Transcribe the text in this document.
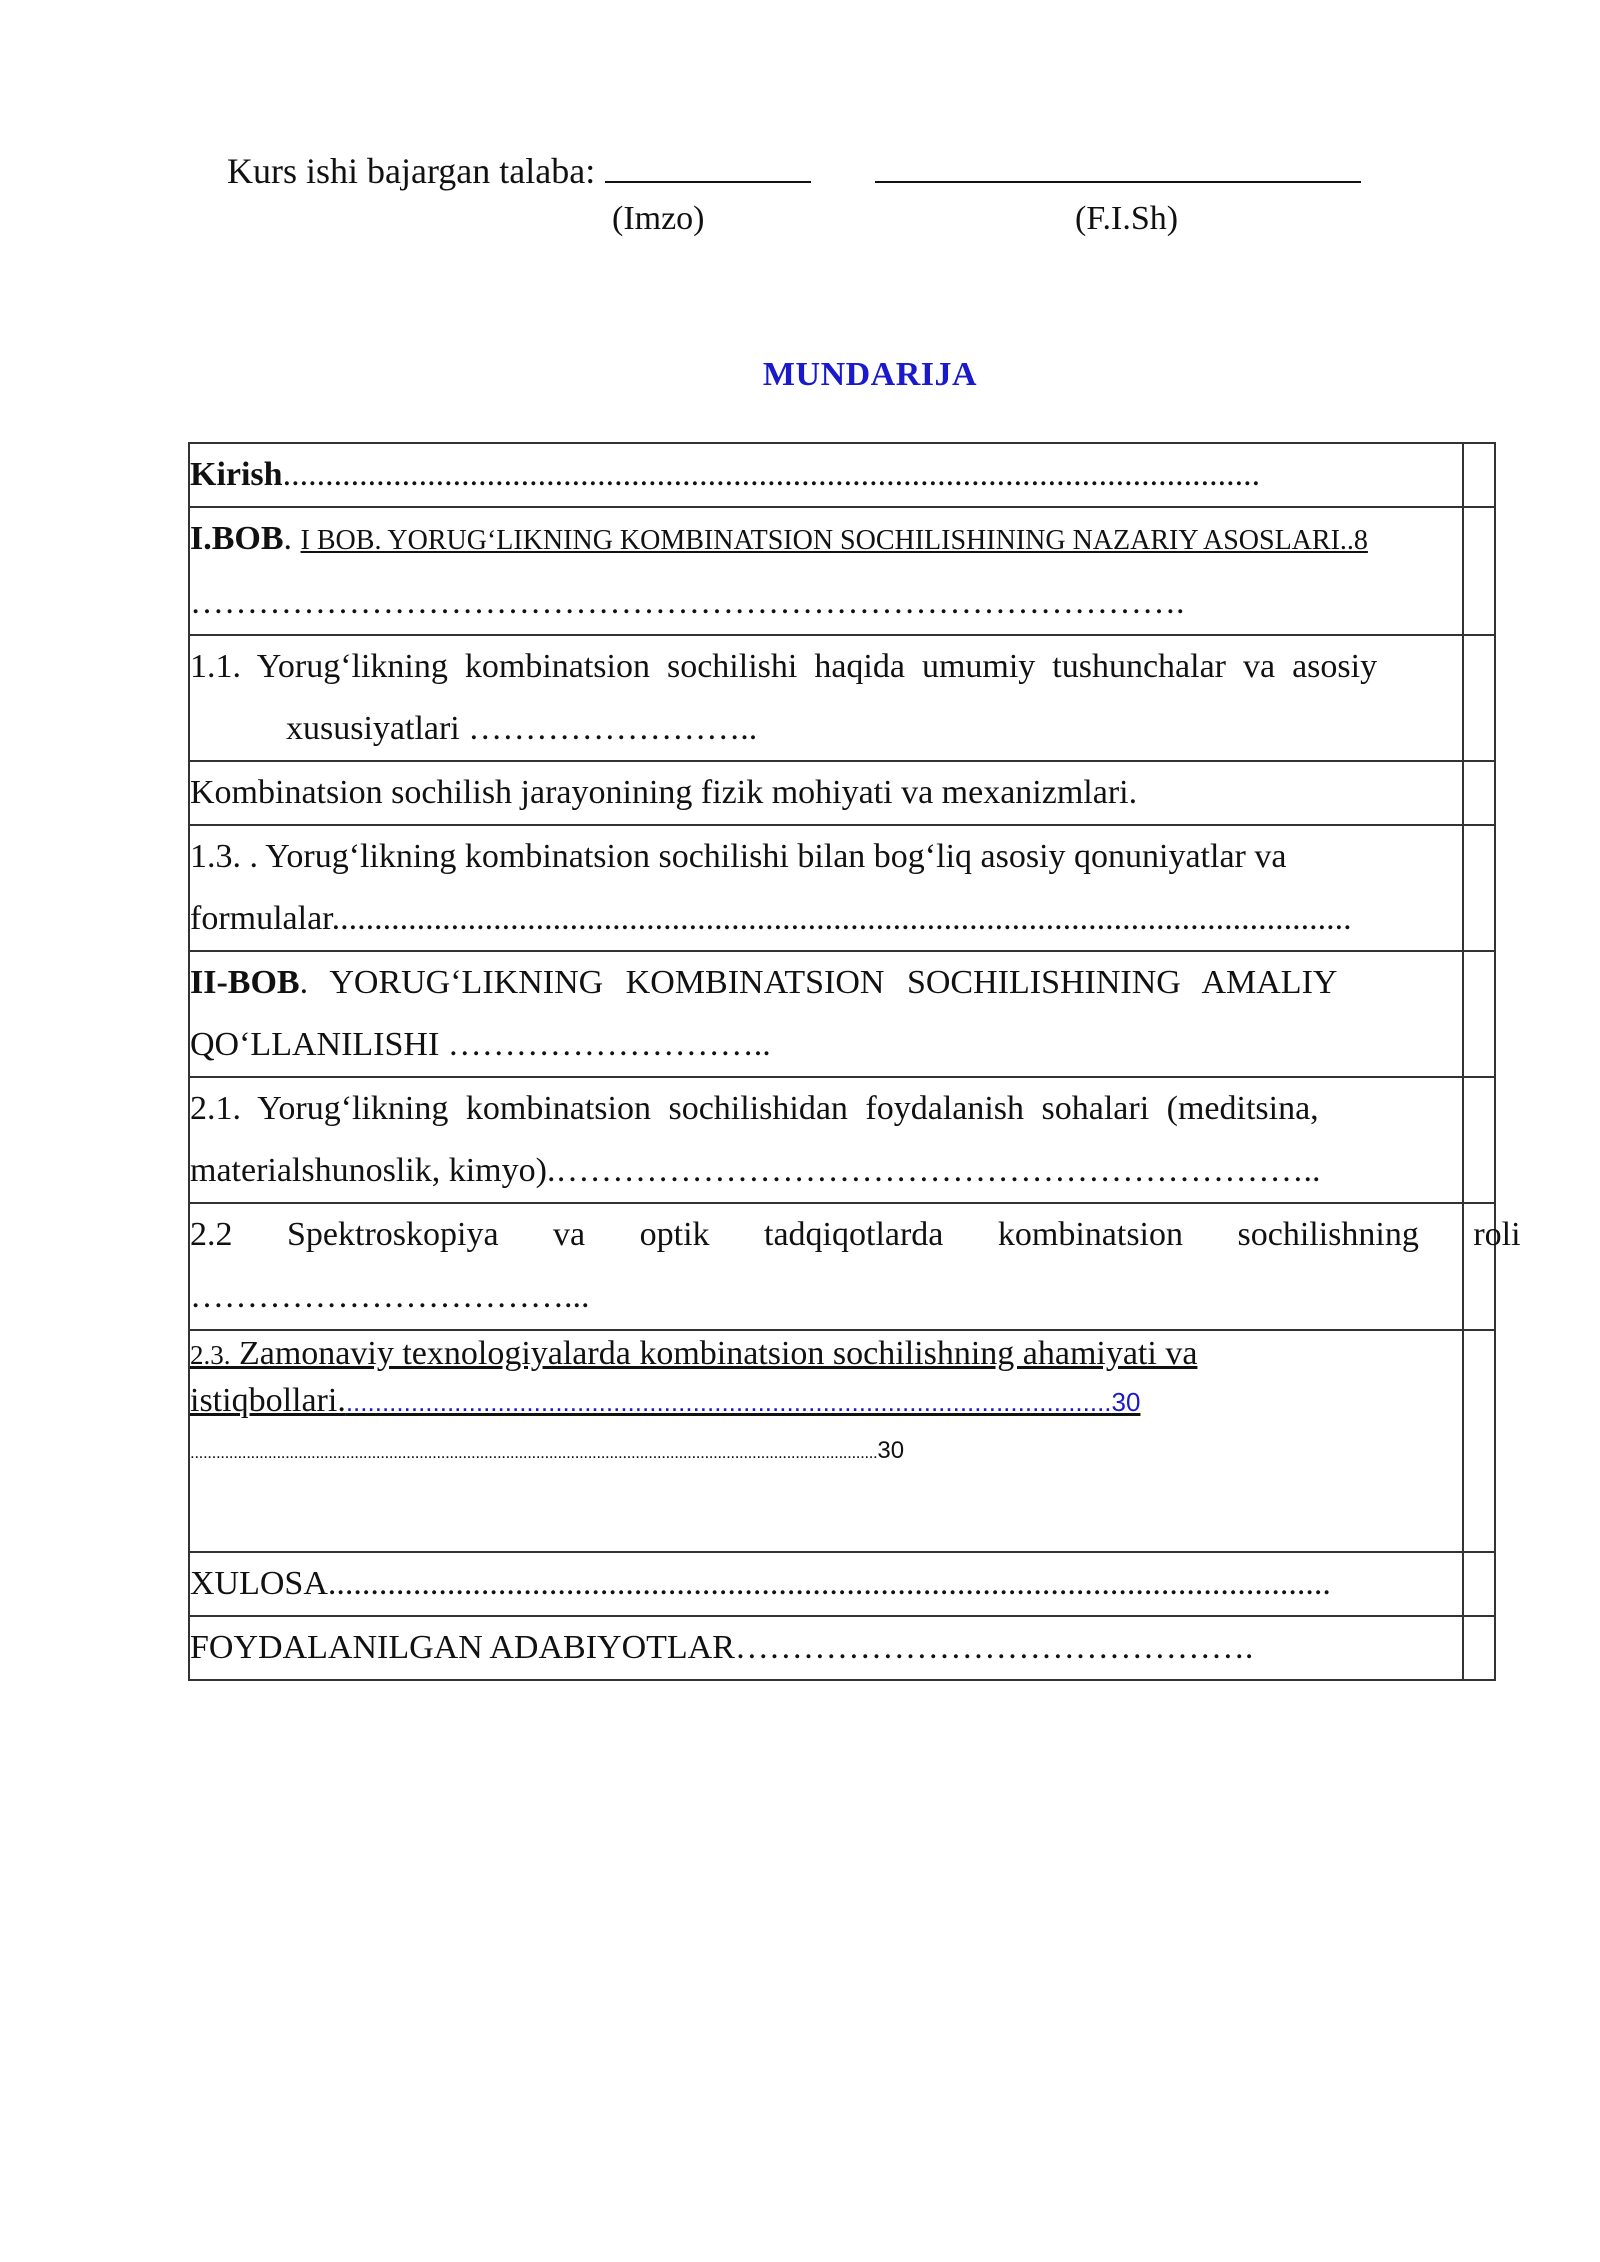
Kurs ishi bajargan talaba:
(Imzo)	(F.I.Sh)
MUNDARIJA
Kirish...................................................................................................................	

I.BOB. I BOB. YORUG‘LIKNING KOMBINATSION SOCHILISHINING NAZARIY ASOSLARI..8
…………………………………………………………………………….	

1.1. Yorug‘likning kombinatsion sochilishi haqida umumiy tushunchalar va asosiy
xususiyatlari ……………………..	

Kombinatsion sochilish jarayonining fizik mohiyati va mexanizmlari.	

1.3. . Yorug‘likning kombinatsion sochilishi bilan bog‘liq asosiy qonuniyatlar va
formulalar........................................................................................................................	

II-BOB. YORUG‘LIKNING KOMBINATSION SOCHILISHINING AMALIY
QO‘LLANILISHI ………………………..	

2.1. Yorug‘likning kombinatsion sochilishidan foydalanish sohalari (meditsina,
materialshunoslik, kimyo).…………………………………………………………..	

2.2 Spektroskopiya va optik tadqiqotlarda kombinatsion sochilishning roli
……………………………...	

2.3. Zamonaviy texnologiyalarda kombinatsion sochilishning ahamiyati va
istiqbollari...........................................................................................................30
...............................................................................................................................................................30	

XULOSA......................................................................................................................	

FOYDALANILGAN ADABIYOTLAR……………………………………….	
